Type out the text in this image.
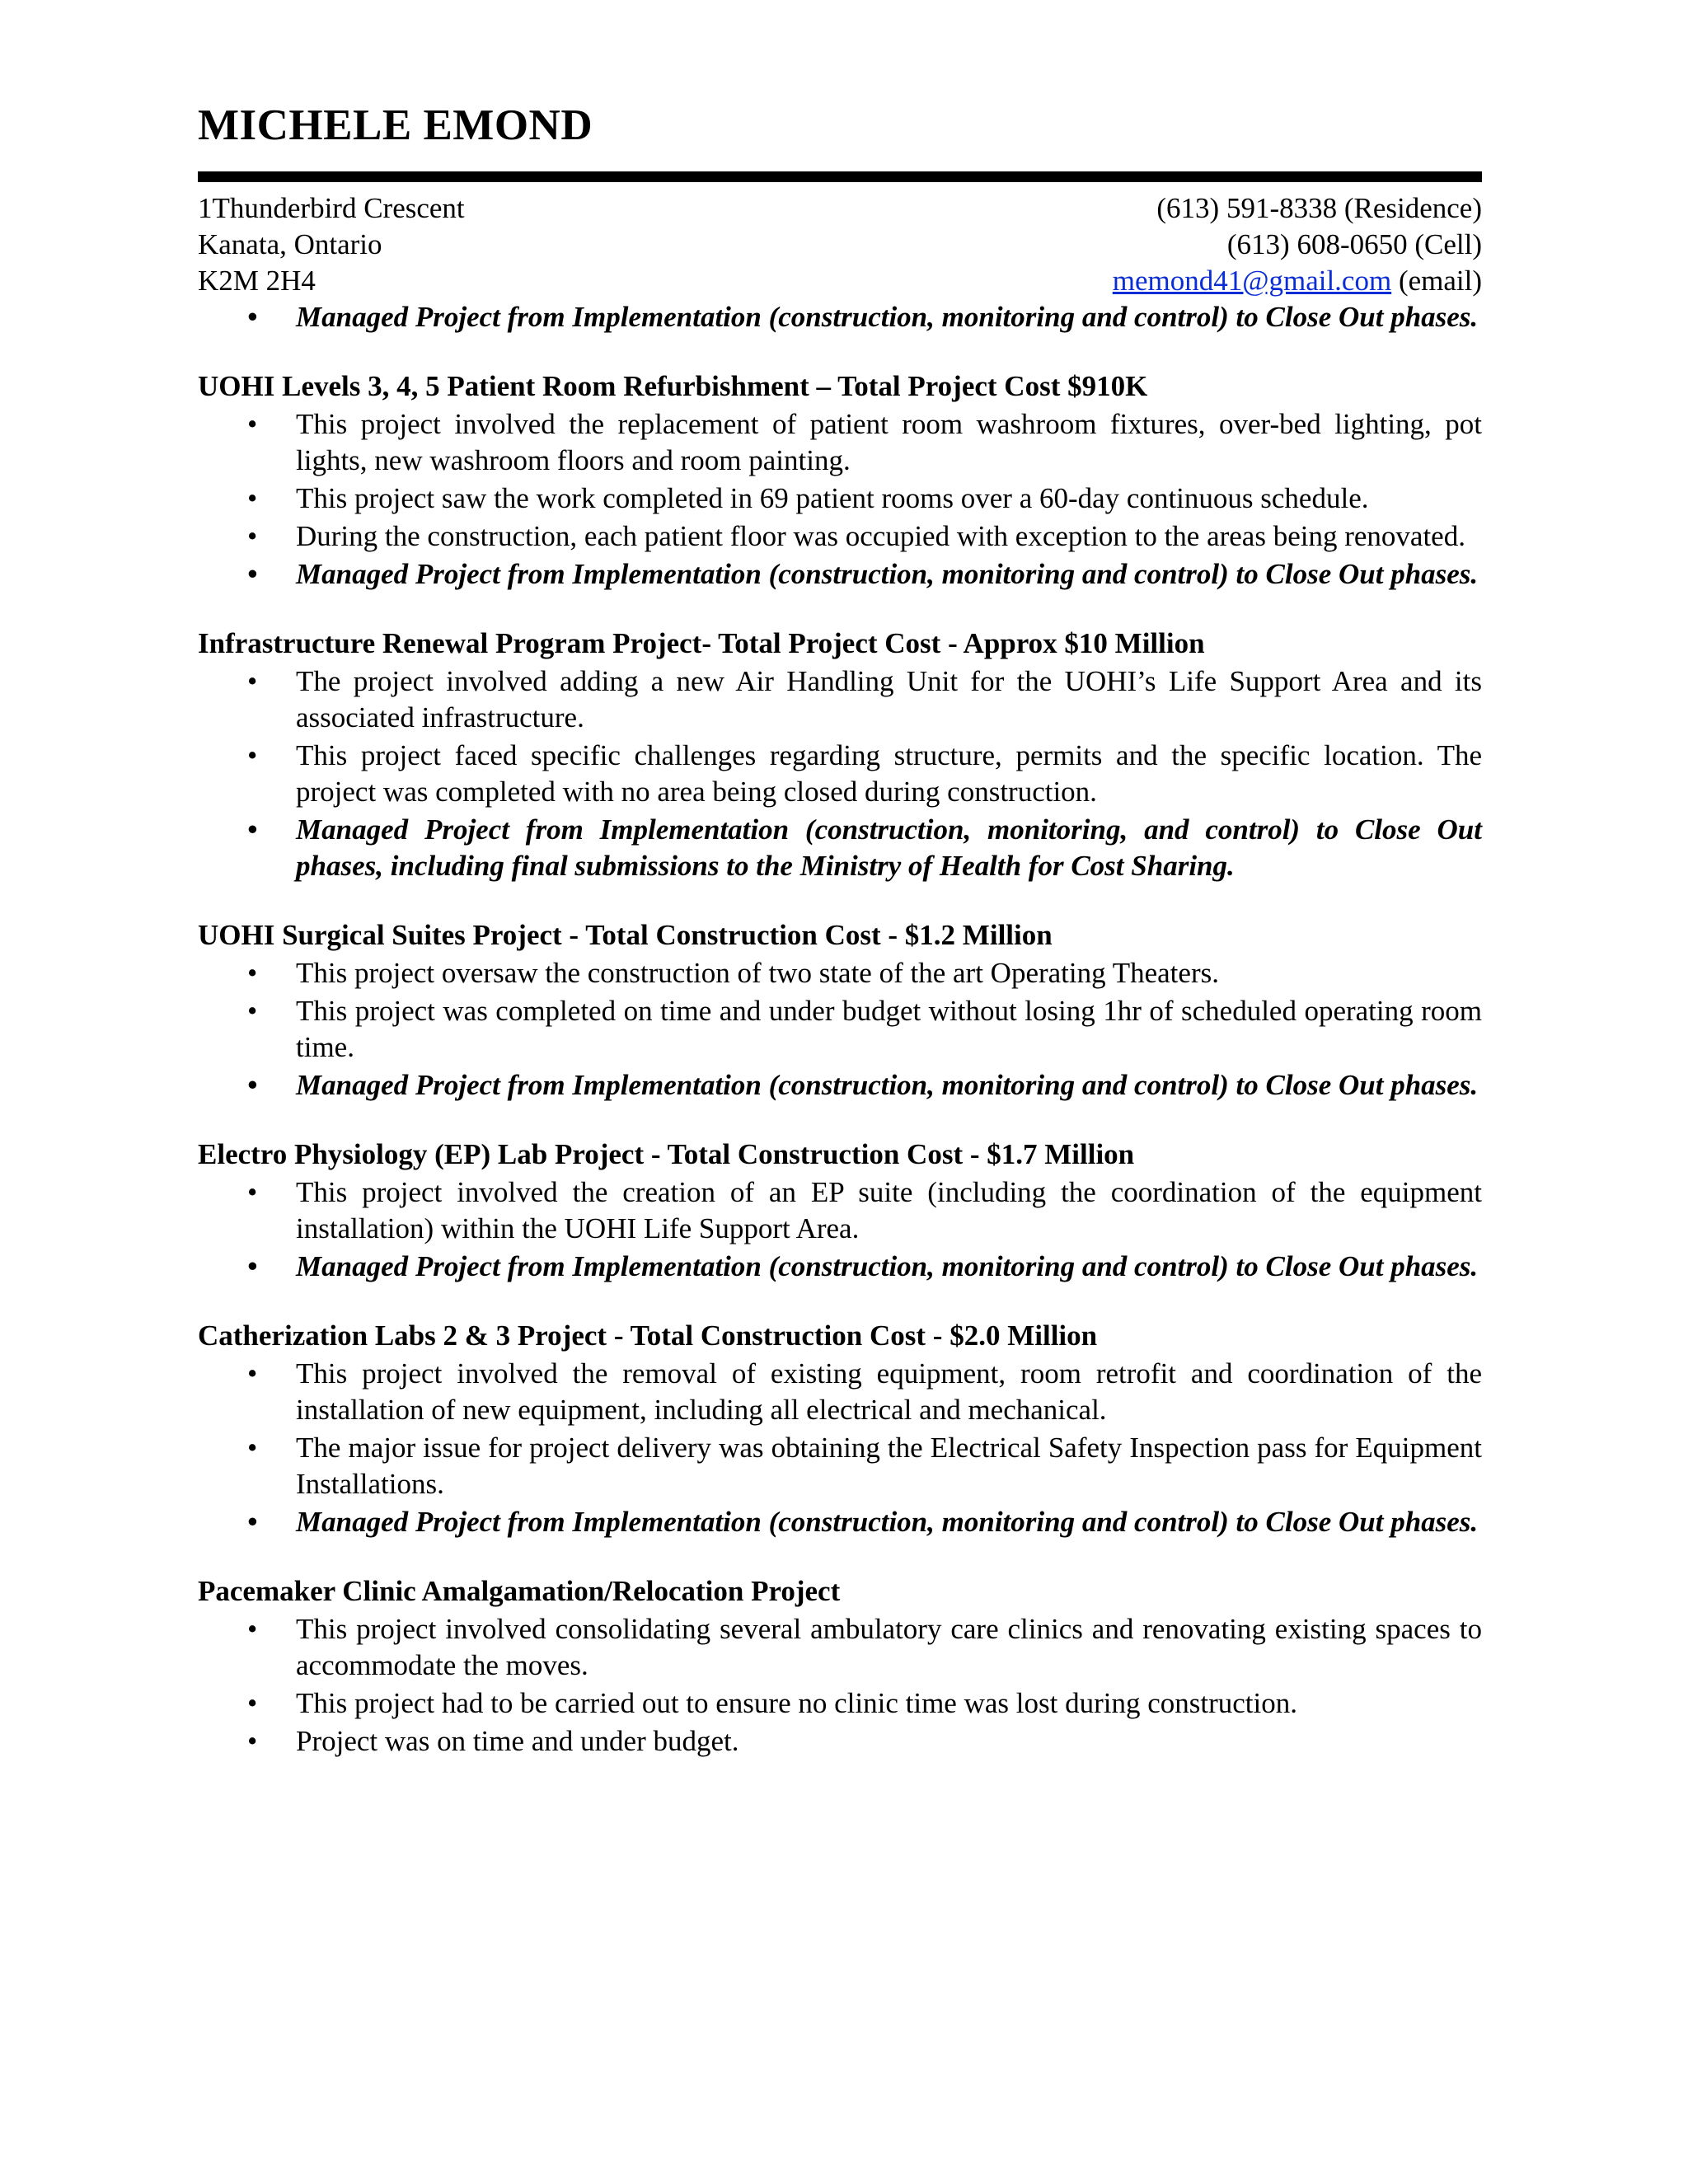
MICHELE EMOND
1Thunderbird Crescent
Kanata, Ontario
K2M 2H4
(613) 591-8338 (Residence)
(613) 608-0650 (Cell)
memond41@gmail.com (email)
• Managed Project from Implementation (construction, monitoring and control) to Close Out phases.

UOHI Levels 3, 4, 5 Patient Room Refurbishment – Total Project Cost $910K

• This project involved the replacement of patient room washroom fixtures, over-bed lighting, pot lights, new washroom floors and room painting.
• This project saw the work completed in 69 patient rooms over a 60-day continuous schedule.
• During the construction, each patient floor was occupied with exception to the areas being renovated.
• Managed Project from Implementation (construction, monitoring and control) to Close Out phases.

Infrastructure Renewal Program Project- Total Project Cost - Approx $10 Million

• The project involved adding a new Air Handling Unit for the UOHI’s Life Support Area and its associated infrastructure.
• This project faced specific challenges regarding structure, permits and the specific location. The project was completed with no area being closed during construction.
• Managed Project from Implementation (construction, monitoring, and control) to Close Out phases, including final submissions to the Ministry of Health for Cost Sharing.

UOHI Surgical Suites Project - Total Construction Cost - $1.2 Million

• This project oversaw the construction of two state of the art Operating Theaters.
• This project was completed on time and under budget without losing 1hr of scheduled operating room time.
• Managed Project from Implementation (construction, monitoring and control) to Close Out phases.

Electro Physiology (EP) Lab Project - Total Construction Cost - $1.7 Million

• This project involved the creation of an EP suite (including the coordination of the equipment installation) within the UOHI Life Support Area.
• Managed Project from Implementation (construction, monitoring and control) to Close Out phases.

Catherization Labs 2 & 3 Project - Total Construction Cost - $2.0 Million

• This project involved the removal of existing equipment, room retrofit and coordination of the installation of new equipment, including all electrical and mechanical.
• The major issue for project delivery was obtaining the Electrical Safety Inspection pass for Equipment Installations.
• Managed Project from Implementation (construction, monitoring and control) to Close Out phases.

Pacemaker Clinic Amalgamation/Relocation Project

• This project involved consolidating several ambulatory care clinics and renovating existing spaces to accommodate the moves.
• This project had to be carried out to ensure no clinic time was lost during construction.
• Project was on time and under budget.
